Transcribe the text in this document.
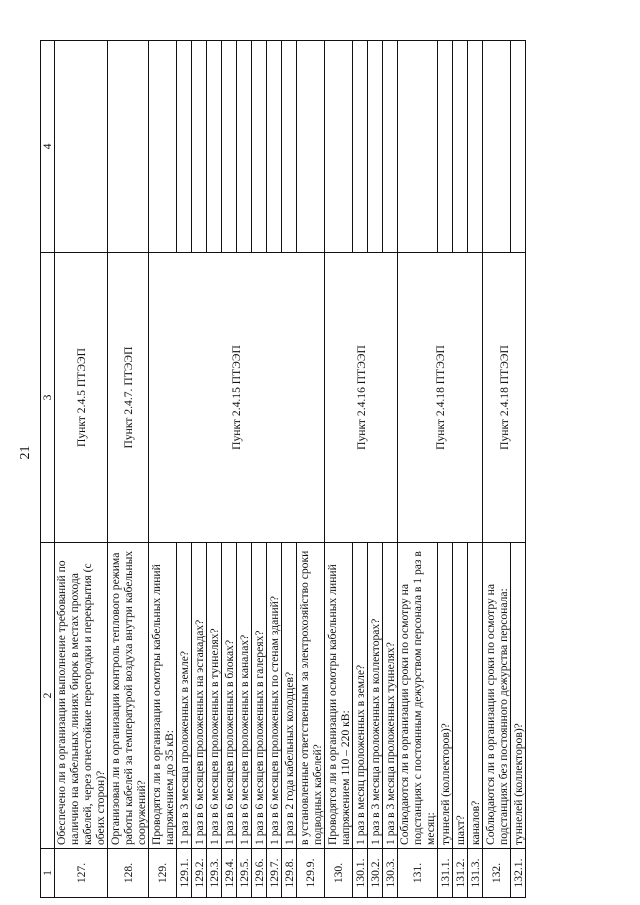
21
1	2	3	4
127.	Обеспечено ли в организации выполнение требований по наличию на кабельных линиях бирок в местах прохода кабелей, через огнестойкие перегородки и перекрытия (с обеих сторон)?	Пункт 2.4.5 ПТЭЭП	
128.	Организован ли в организации контроль теплового режима работы кабелей за температурой воздуха внутри кабельных сооружений?	Пункт 2.4.7. ПТЭЭП	
129.	Проводятся ли в организации осмотры кабельных линий напряжением до 35 кВ:	Пункт 2.4.15 ПТЭЭП	
129.1.	1 раз в 3 месяца проложенных в земле?		
129.2.	1 раз в 6 месяцев проложенных на эстакадах?		
129.3.	1 раз в 6 месяцев проложенных в туннелях?		
129.4.	1 раз в 6 месяцев проложенных в блоках?		
129.5.	1 раз в 6 месяцев проложенных в каналах?		
129.6.	1 раз в 6 месяцев проложенных в галереях?		
129.7.	1 раз в 6 месяцев проложенных по стенам зданий?		
129.8.	1 раз в 2 года кабельных колодцев?		
129.9.	в установленные ответственным за электрохозяйство сроки подводных кабелей?		
130.	Проводятся ли в организации осмотры кабельных линий напряжением 110 – 220 кВ:	Пункт 2.4.16 ПТЭЭП	
130.1.	1 раз в месяц проложенных в земле?		
130.2.	1 раз в 3 месяца проложенных в коллекторах?		
130.3.	1 раз в 3 месяца проложенных туннелях?		
131.	Соблюдаются ли в организации сроки по осмотру на подстанциях с постоянным дежурством персонала в 1 раз в месяц:	Пункт 2.4.18 ПТЭЭП	
131.1.	туннелей (коллекторов)?		
131.2.	шахт?		
131.3.	каналов?		
132.	Соблюдаются ли в организации сроки по осмотру на подстанциях без постоянного дежурства персонала:	Пункт 2.4.18 ПТЭЭП	
132.1.	туннелей (коллекторов)?		
